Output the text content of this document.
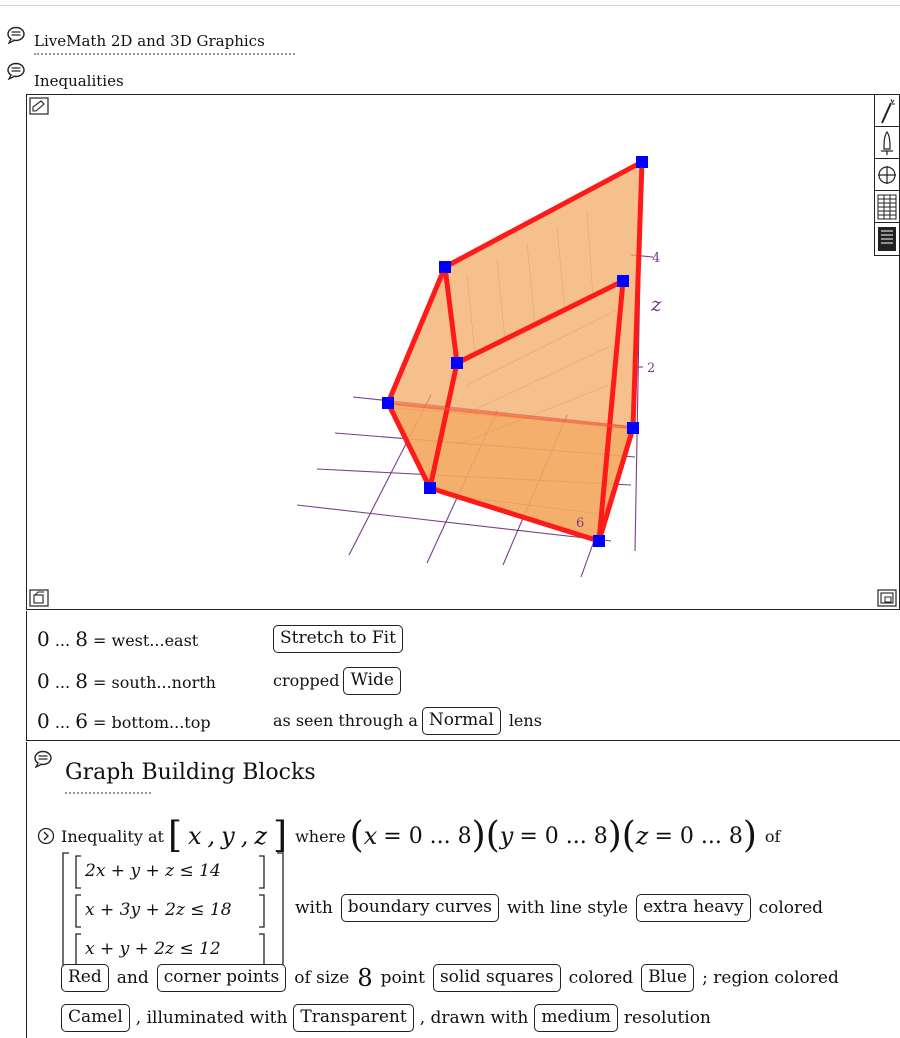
LiveMath 2D and 3D Graphics
Inequalities
4
z
2
6
0 ... 8 = west...east	Stretch to Fit
0 ... 8 = south...north	cropped Wide
0 ... 6 = bottom...top	as seen through a Normal lens
Graph Building Blocks
Inequality at [ x , y , z ] where ( x = 0 ... 8 ) ( y = 0 ... 8 ) ( z = 0 ... 8 ) of
2x + y + z ≤ 14
x + 3y + 2z ≤ 18
x + y + 2z ≤ 12
with boundary curves with line style extra heavy colored
Red and corner points of size 8 point solid squares colored Blue ; region colored
Camel , illuminated with Transparent , drawn with medium resolution
